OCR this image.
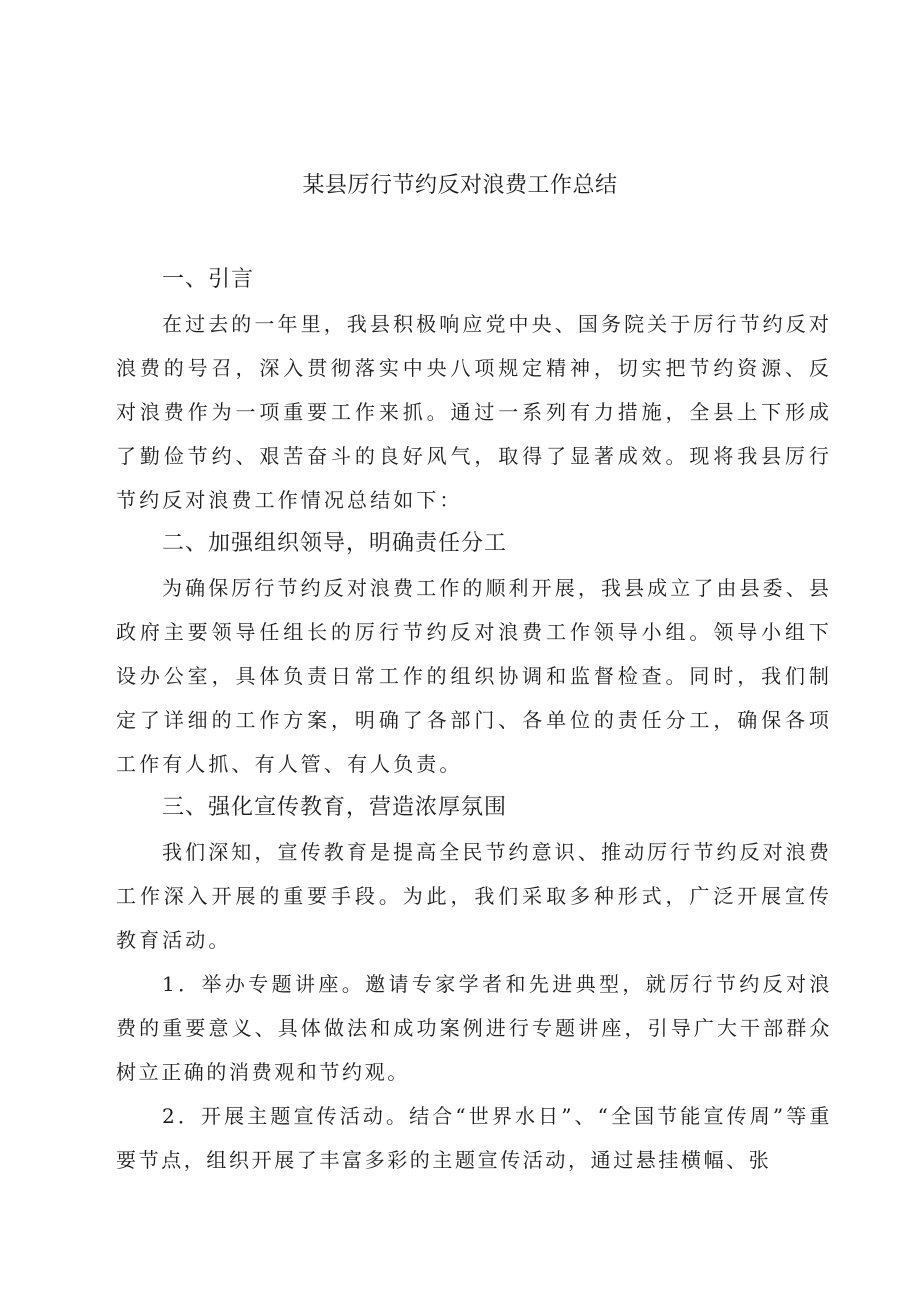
某县厉行节约反对浪费工作总结
一、引言

在过去的一年里，我县积极响应党中央、国务院关于厉行节约反对浪费的号召，深入贯彻落实中央八项规定精神，切实把节约资源、反对浪费作为一项重要工作来抓。通过一系列有力措施，全县上下形成了勤俭节约、艰苦奋斗的良好风气，取得了显著成效。现将我县厉行节约反对浪费工作情况总结如下：

二、加强组织领导，明确责任分工

为确保厉行节约反对浪费工作的顺利开展，我县成立了由县委、县政府主要领导任组长的厉行节约反对浪费工作领导小组。领导小组下设办公室，具体负责日常工作的组织协调和监督检查。同时，我们制定了详细的工作方案，明确了各部门、各单位的责任分工，确保各项工作有人抓、有人管、有人负责。

三、强化宣传教育，营造浓厚氛围

我们深知，宣传教育是提高全民节约意识、推动厉行节约反对浪费工作深入开展的重要手段。为此，我们采取多种形式，广泛开展宣传教育活动。

1．举办专题讲座。邀请专家学者和先进典型，就厉行节约反对浪费的重要意义、具体做法和成功案例进行专题讲座，引导广大干部群众树立正确的消费观和节约观。

2．开展主题宣传活动。结合“世界水日”、“全国节能宣传周”等重要节点，组织开展了丰富多彩的主题宣传活动，通过悬挂横幅、张
